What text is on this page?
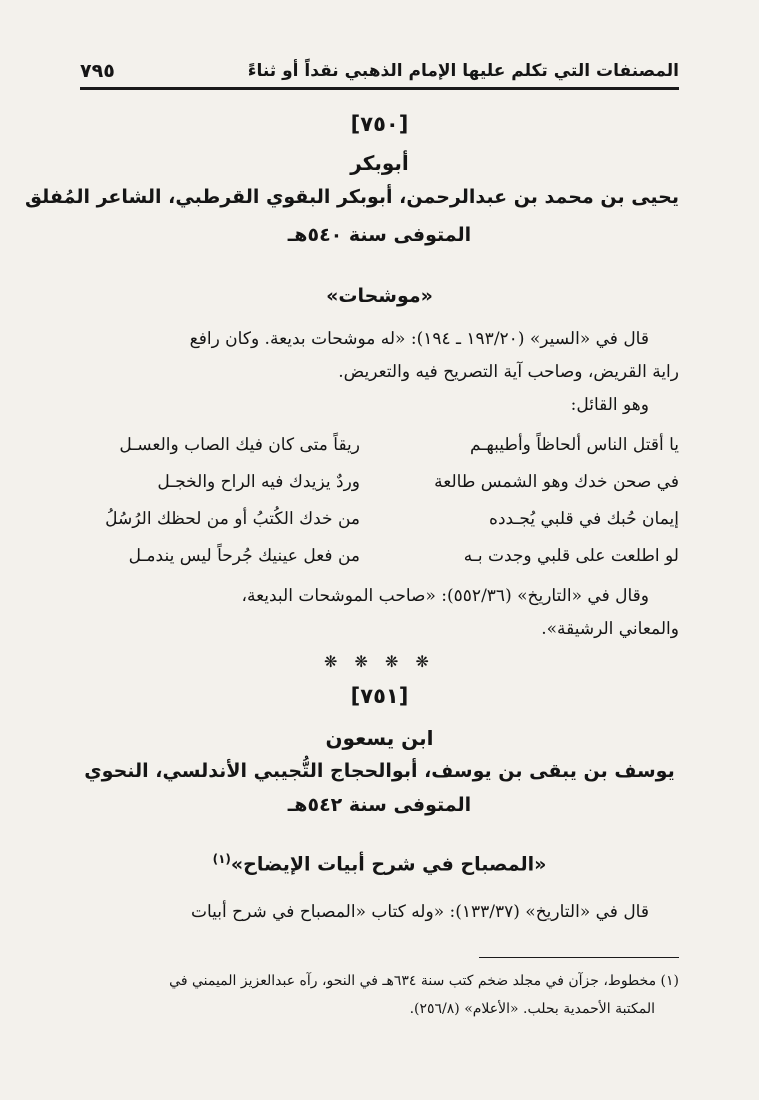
المصنفات التي تكلم عليها الإمام الذهبي نقداً أو ثناءً
٧٩٥
[٧٥٠]
أبوبكر
يحيى بن محمد بن عبدالرحمن، أبوبكر البقوي القرطبي، الشاعر المُفلق
المتوفى سنة ٥٤٠هـ
«موشحات»
قال في «السير» (١٩٣/٢٠ ـ ١٩٤): «له موشحات بديعة. وكان رافع
راية القريض، وصاحب آية التصريح فيه والتعريض.
وهو القائل:
يا أقتل الناس ألحاظاً وأطيبهـم
ريقاً متى كان فيك الصاب والعسـل
في صحن خدك وهو الشمس طالعة
وردٌ يزيدك فيه الراح والخجـل
إيمان حُبك في قلبي يُجـدده
من خدك الكُتبُ أو من لحظك الرُسُلُ
لو اطلعت على قلبي وجدت بـه
من فعل عينيك جُرحاً ليس يندمـل
وقال في «التاريخ» (٥٥٢/٣٦): «صاحب الموشحات البديعة،
والمعاني الرشيقة».
❋ ❋ ❋ ❋
[٧٥١]
ابن يسعون
يوسف بن يبقى بن يوسف، أبوالحجاج التُّجيبي الأندلسي، النحوي
المتوفى سنة ٥٤٢هـ
«المصباح في شرح أبيات الإيضاح»$^{(١)}$
قال في «التاريخ» (١٣٣/٣٧): «وله كتاب «المصباح في شرح أبيات
(١) مخطوط، جزآن في مجلد ضخم كتب سنة ٦٣٤هـ في النحو، رآه عبدالعزيز الميمني في
المكتبة الأحمدية بحلب. «الأعلام» (٢٥٦/٨).
